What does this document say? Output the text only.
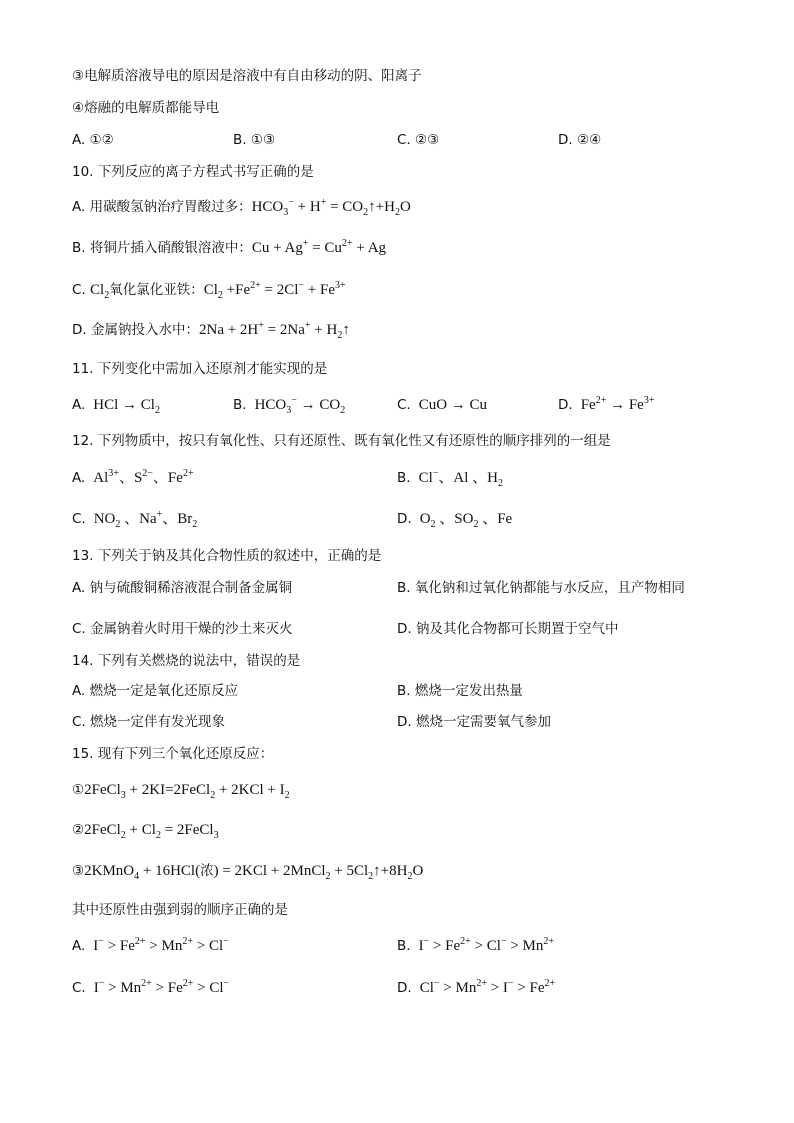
③电解质溶液导电的原因是溶液中有自由移动的阴、阳离子
④熔融的电解质都能导电
A. ①②	B. ①③	C. ②③	D. ②④
10. 下列反应的离子方程式书写正确的是
A. 用碳酸氢钠治疗胃酸过多：$HCO_3^- + H^+$ = $CO_2↑+H_2O$
B. 将铜片插入硝酸银溶液中：$Cu + Ag^+ = Cu^{2+} + Ag$
C. $Cl_2$氧化氯化亚铁：$Cl_2 +Fe^{2+} = 2Cl^- + Fe^{3+}$
D. 金属钠投入水中：$2Na + 2H^+ = 2Na^+ + H_2↑$
11. 下列变化中需加入还原剂才能实现的是
A. HCl → $Cl_2$	B. $HCO_3^- \to CO_2$	C. CuO → Cu	D. $Fe^{2+} \to Fe^{3+}$
12. 下列物质中，按只有氧化性、只有还原性、既有氧化性又有还原性的顺序排列的一组是
A. $Al^{3+}$、$S^{2-}$、$Fe^{2+}$	B. Cl−、Al 、$H_2$
C. $NO_2$ 、Na+、$Br_2$	D. $O_2$ 、$SO_2$ 、Fe
13. 下列关于钠及其化合物性质的叙述中，正确的是
A. 钠与硫酸铜稀溶液混合制备金属铜	B. 氧化钠和过氧化钠都能与水反应，且产物相同
C. 金属钠着火时用干燥的沙土来灭火	D. 钠及其化合物都可长期置于空气中
14. 下列有关燃烧的说法中，错误的是
A. 燃烧一定是氧化还原反应	B. 燃烧一定发出热量
C. 燃烧一定伴有发光现象	D. 燃烧一定需要氧气参加
15. 现有下列三个氧化还原反应：
①2FeCl$_3$ + 2KI=2FeCl$_2$ + $2KCl + I_2$
②2FeCl$_2$ + $Cl_2$ = 2FeCl$_3$
③2KMnO$_4$ + 16HCl(浓) = 2KCl + 2MnCl$_2$ + $5Cl_2↑+8H_2O$
其中还原性由强到弱的顺序正确的是
A. $I^- > Fe^{2+} > Mn^{2+} > Cl^-$	B. $I^- > Fe^{2+} > Cl^- > Mn^{2+}$
C. $I^- > Mn^{2+} > Fe^{2+} > Cl^-$	D. $Cl^- > Mn^{2+} > I^- > Fe^{2+}$
